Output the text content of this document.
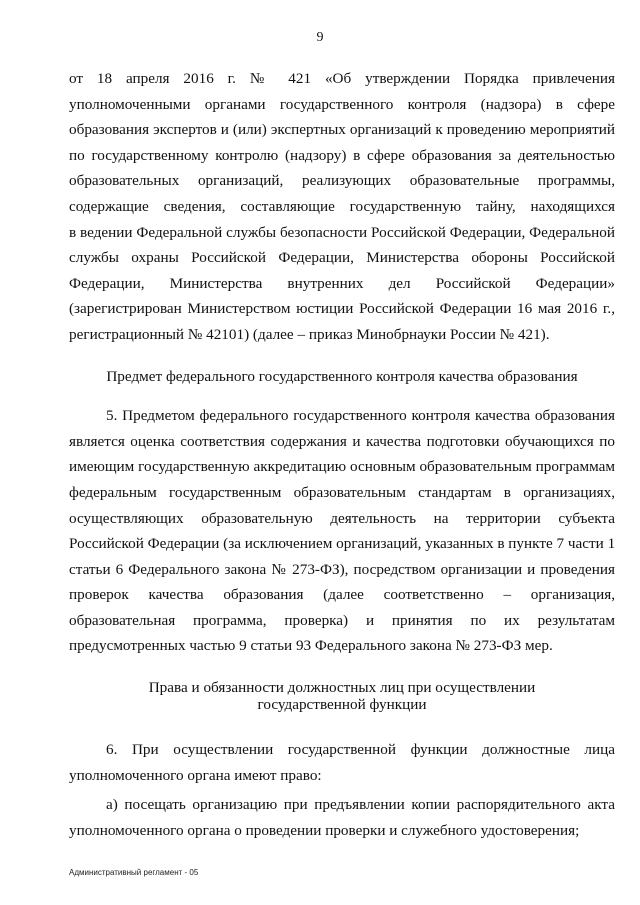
9
от 18 апреля 2016 г. № 421 «Об утверждении Порядка привлечения
уполномоченными органами государственного контроля (надзора) в сфере
образования экспертов и (или) экспертных организаций к проведению мероприятий
по государственному контролю (надзору) в сфере образования за деятельностью
образовательных организаций, реализующих образовательные программы,
содержащие сведения, составляющие государственную тайну, находящихся
в ведении Федеральной службы безопасности Российской Федерации, Федеральной
службы охраны Российской Федерации, Министерства обороны Российской
Федерации, Министерства внутренних дел Российской Федерации»
(зарегистрирован Министерством юстиции Российской Федерации 16 мая 2016 г.,
регистрационный № 42101) (далее – приказ Минобрнауки России № 421).
Предмет федерального государственного контроля качества образования
5. Предметом федерального государственного контроля качества образования
является оценка соответствия содержания и качества подготовки обучающихся по
имеющим государственную аккредитацию основным образовательным программам
федеральным государственным образовательным стандартам в организациях,
осуществляющих образовательную деятельность на территории субъекта
Российской Федерации (за исключением организаций, указанных в пункте 7 части 1
статьи 6 Федерального закона № 273-ФЗ), посредством организации и проведения
проверок качества образования (далее соответственно – организация,
образовательная программа, проверка) и принятия по их результатам
предусмотренных частью 9 статьи 93 Федерального закона № 273-ФЗ мер.
Права и обязанности должностных лиц при осуществлении
государственной функции
6. При осуществлении государственной функции должностные лица
уполномоченного органа имеют право:
а) посещать организацию при предъявлении копии распорядительного акта
уполномоченного органа о проведении проверки и служебного удостоверения;
Административный регламент - 05
